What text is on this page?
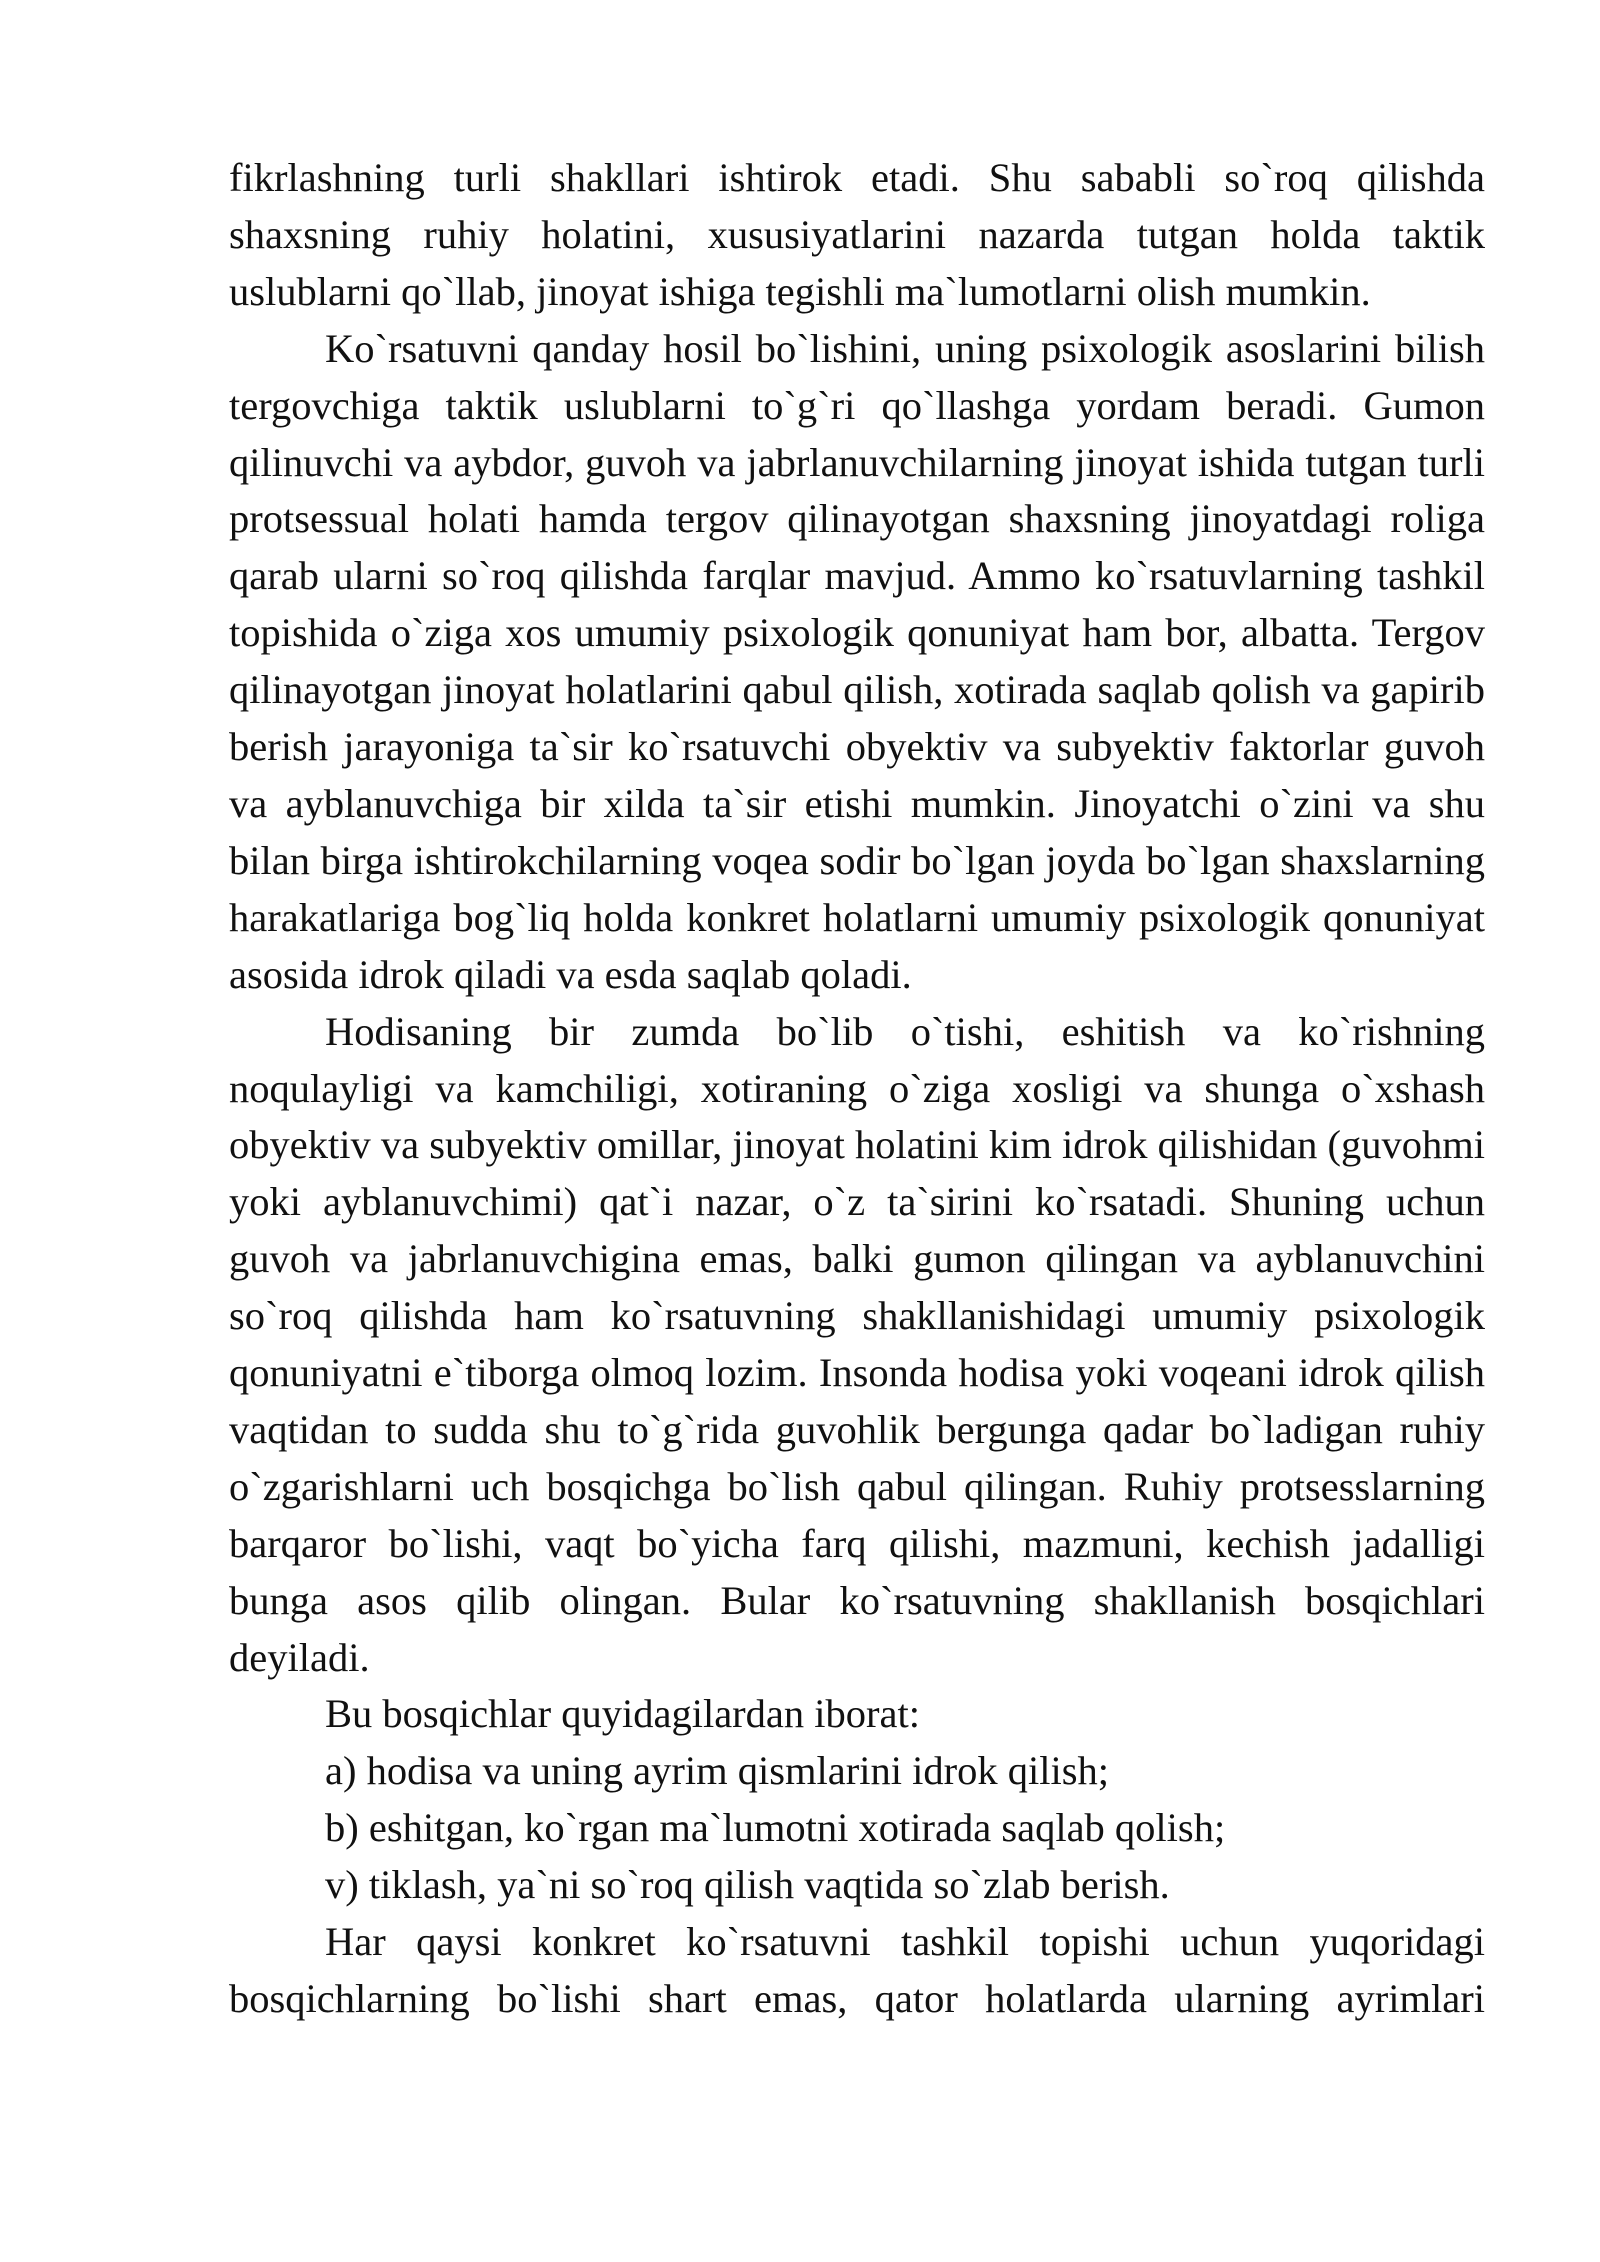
fikrlashning turli shakllari ishtirok etadi. Shu sababli so`roq qilishda shaxsning ruhiy holatini, xususiyatlarini nazarda tutgan holda taktik uslublarni qo`llab, jinoyat ishiga tegishli ma`lumotlarni olish mumkin.

Ko`rsatuvni qanday hosil bo`lishini, uning psixologik asoslarini bilish tergovchiga taktik uslublarni to`g`ri qo`llashga yordam beradi. Gumon qilinuvchi va aybdor, guvoh va jabrlanuvchilarning jinoyat ishida tutgan turli protsessual holati hamda tergov qilinayotgan shaxsning jinoyatdagi roliga qarab ularni so`roq qilishda farqlar mavjud. Ammo ko`rsatuvlarning tashkil topishida o`ziga xos umumiy psixologik qonuniyat ham bor, albatta. Tergov qilinayotgan jinoyat holatlarini qabul qilish, xotirada saqlab qolish va gapirib berish jarayoniga ta`sir ko`rsatuvchi obyektiv va subyektiv faktorlar guvoh va ayblanuvchiga bir xilda ta`sir etishi mumkin. Jinoyatchi o`zini va shu bilan birga ishtirokchilarning voqea sodir bo`lgan joyda bo`lgan shaxslarning harakatlariga bog`liq holda konkret holatlarni umumiy psixologik qonuniyat asosida idrok qiladi va esda saqlab qoladi.

Hodisaning bir zumda bo`lib o`tishi, eshitish va ko`rishning noqulayligi va kamchiligi, xotiraning o`ziga xosligi va shunga o`xshash obyektiv va subyektiv omillar, jinoyat holatini kim idrok qilishidan (guvohmi yoki ayblanuvchimi) qat`i nazar, o`z ta`sirini ko`rsatadi. Shuning uchun guvoh va jabrlanuvchigina emas, balki gumon qilingan va ayblanuvchini so`roq qilishda ham ko`rsatuvning shakllanishidagi umumiy psixologik qonuniyatni e`tiborga olmoq lozim. Insonda hodisa yoki voqeani idrok qilish vaqtidan to sudda shu to`g`rida guvohlik bergunga qadar bo`ladigan ruhiy o`zgarishlarni uch bosqichga bo`lish qabul qilingan. Ruhiy protsesslarning barqaror bo`lishi, vaqt bo`yicha farq qilishi, mazmuni, kechish jadalligi bunga asos qilib olingan. Bular ko`rsatuvning shakllanish bosqichlari deyiladi.

Bu bosqichlar quyidagilardan iborat:

a) hodisa va uning ayrim qismlarini idrok qilish;

b) eshitgan, ko`rgan ma`lumotni xotirada saqlab qolish;

v) tiklash, ya`ni so`roq qilish vaqtida so`zlab berish.

Har qaysi konkret ko`rsatuvni tashkil topishi uchun yuqoridagi bosqichlarning bo`lishi shart emas, qator holatlarda ularning ayrimlari
